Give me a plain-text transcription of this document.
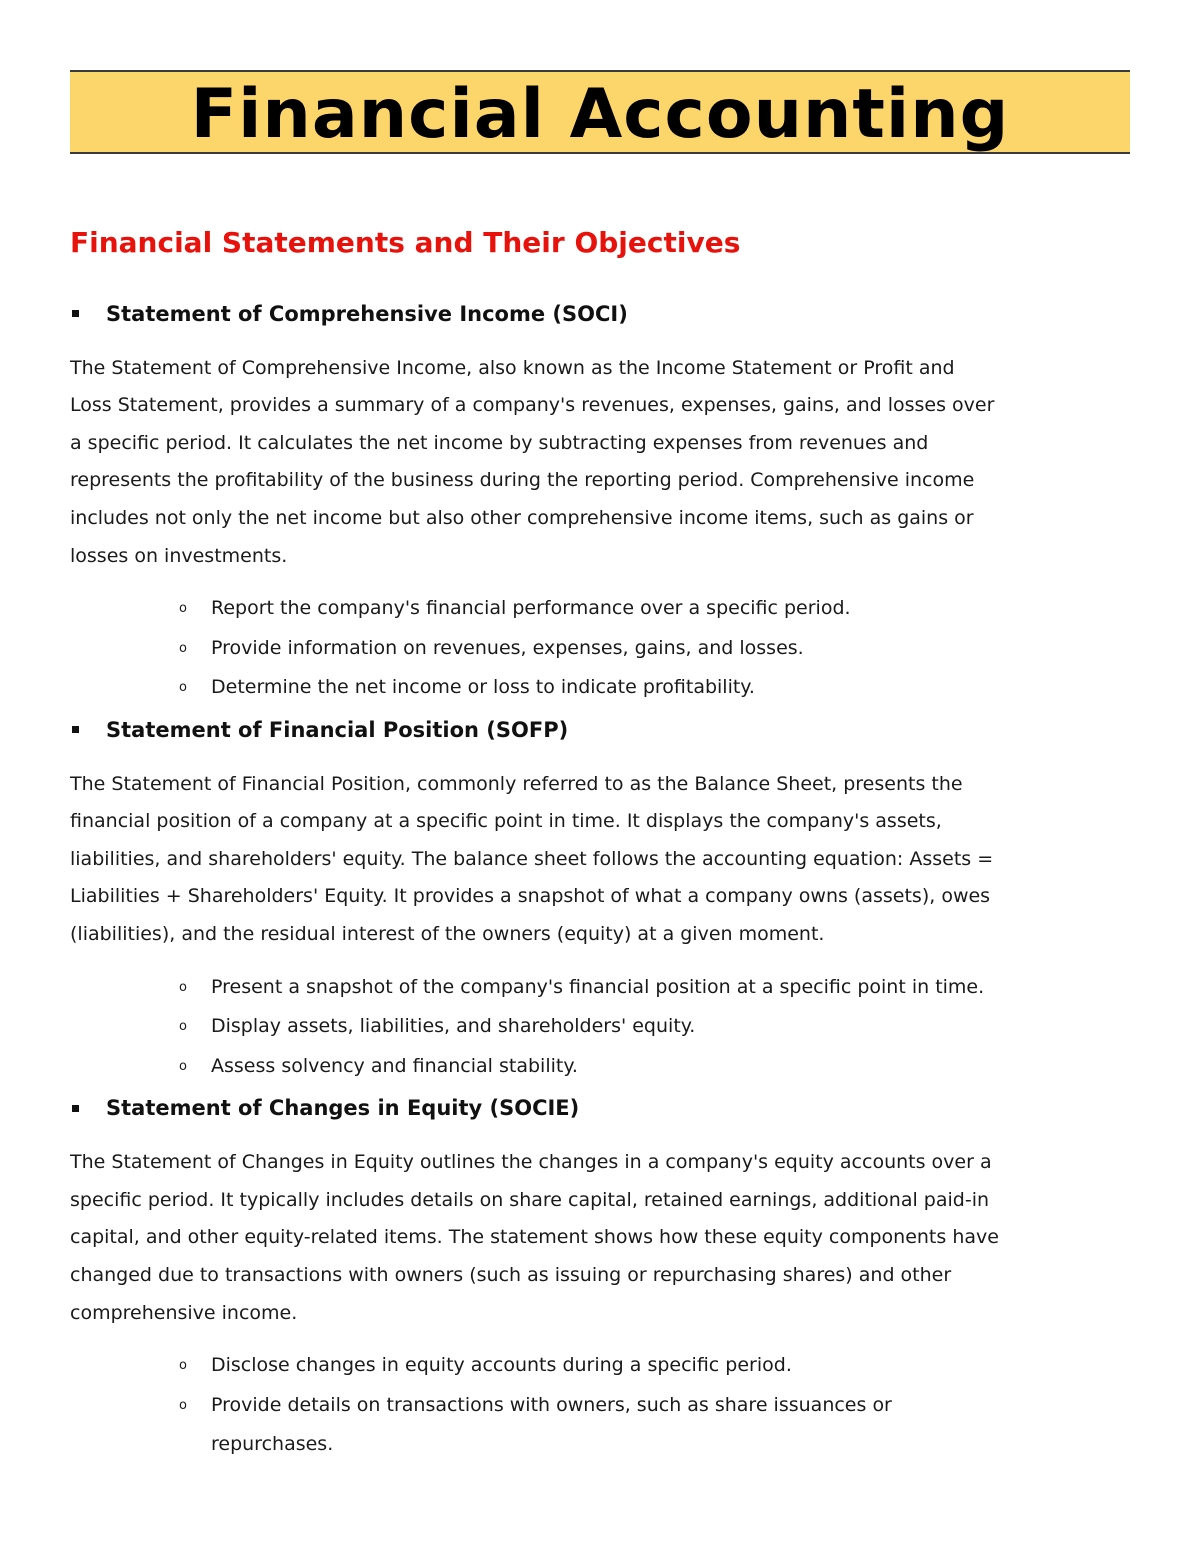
Financial Accounting
Financial Statements and Their Objectives
Statement of Comprehensive Income (SOCI)
The Statement of Comprehensive Income, also known as the Income Statement or Profit and
Loss Statement, provides a summary of a company's revenues, expenses, gains, and losses over
a specific period. It calculates the net income by subtracting expenses from revenues and
represents the profitability of the business during the reporting period. Comprehensive income
includes not only the net income but also other comprehensive income items, such as gains or
losses on investments.
o	Report the company's financial performance over a specific period.
o	Provide information on revenues, expenses, gains, and losses.
o	Determine the net income or loss to indicate profitability.
Statement of Financial Position (SOFP)
The Statement of Financial Position, commonly referred to as the Balance Sheet, presents the
financial position of a company at a specific point in time. It displays the company's assets,
liabilities, and shareholders' equity. The balance sheet follows the accounting equation: Assets =
Liabilities + Shareholders' Equity. It provides a snapshot of what a company owns (assets), owes
(liabilities), and the residual interest of the owners (equity) at a given moment.
o	Present a snapshot of the company's financial position at a specific point in time.
o	Display assets, liabilities, and shareholders' equity.
o	Assess solvency and financial stability.
Statement of Changes in Equity (SOCIE)
The Statement of Changes in Equity outlines the changes in a company's equity accounts over a
specific period. It typically includes details on share capital, retained earnings, additional paid-in
capital, and other equity-related items. The statement shows how these equity components have
changed due to transactions with owners (such as issuing or repurchasing shares) and other
comprehensive income.
o	Disclose changes in equity accounts during a specific period.
o	Provide details on transactions with owners, such as share issuances or repurchases.
